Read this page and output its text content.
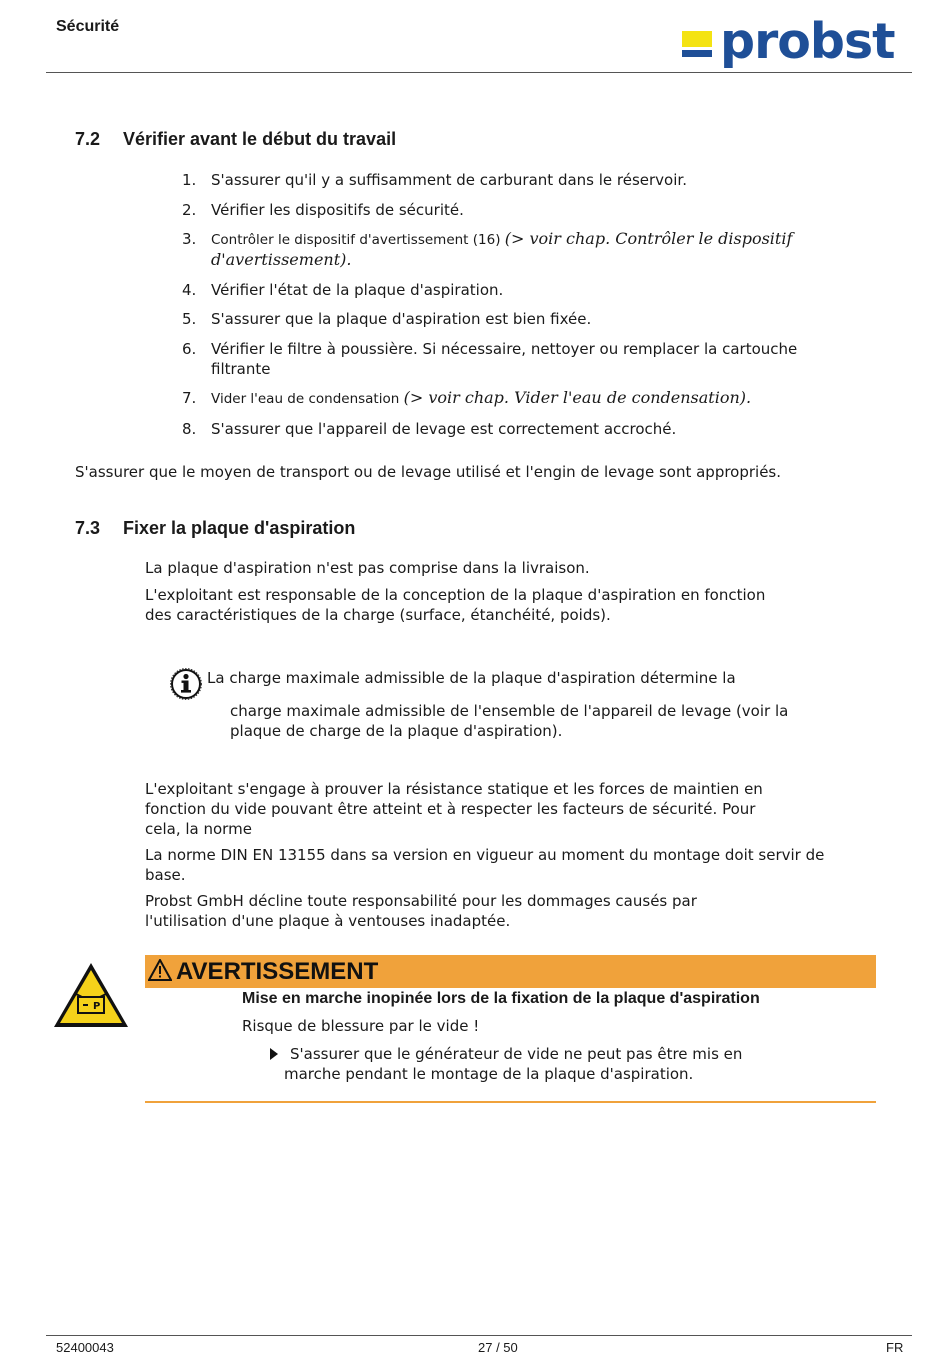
Sécurité	probst
7.2 Vérifier avant le début du travail
1. S'assurer qu'il y a suffisamment de carburant dans le réservoir.
2. Vérifier les dispositifs de sécurité.
3. Contrôler le dispositif d'avertissement (16) (> voir chap. Contrôler le dispositif d'avertissement).
4. Vérifier l'état de la plaque d'aspiration.
5. S'assurer que la plaque d'aspiration est bien fixée.
6. Vérifier le filtre à poussière. Si nécessaire, nettoyer ou remplacer la cartouche filtrante
7. Vider l'eau de condensation (> voir chap. Vider l'eau de condensation).
8. S'assurer que l'appareil de levage est correctement accroché.
S'assurer que le moyen de transport ou de levage utilisé et l'engin de levage sont appropriés.
7.3 Fixer la plaque d'aspiration
La plaque d'aspiration n'est pas comprise dans la livraison.
L'exploitant est responsable de la conception de la plaque d'aspiration en fonction des caractéristiques de la charge (surface, étanchéité, poids).
La charge maximale admissible de la plaque d'aspiration détermine la
charge maximale admissible de l'ensemble de l'appareil de levage (voir la plaque de charge de la plaque d'aspiration).
L'exploitant s'engage à prouver la résistance statique et les forces de maintien en fonction du vide pouvant être atteint et à respecter les facteurs de sécurité. Pour cela, la norme
La norme DIN EN 13155 dans sa version en vigueur au moment du montage doit servir de base.
Probst GmbH décline toute responsabilité pour les dommages causés par l'utilisation d'une plaque à ventouses inadaptée.
P
AVERTISSEMENT
Mise en marche inopinée lors de la fixation de la plaque d'aspiration
Risque de blessure par le vide !
S'assurer que le générateur de vide ne peut pas être mis en marche pendant le montage de la plaque d'aspiration.
52400043	27 / 50	FR
